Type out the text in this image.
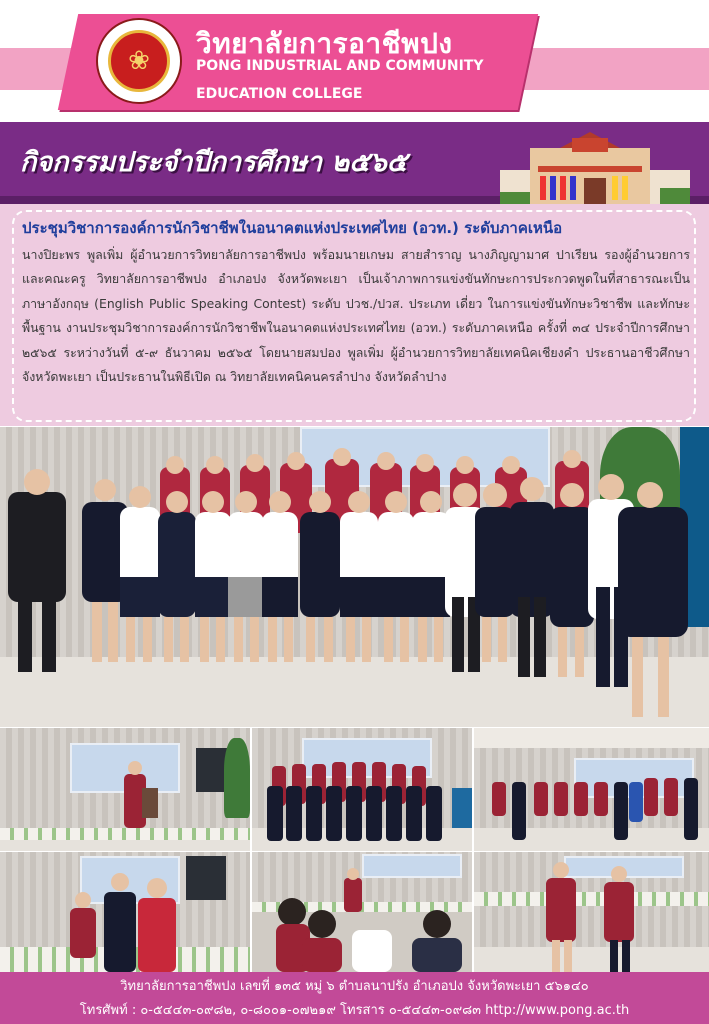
❀
วิทยาลัยการอาชีพปง
PONG INDUSTRIAL AND COMMUNITY
EDUCATION COLLEGE
กิจกรรมประจำปีการศึกษา ๒๕๖๕
ประชุมวิชาการองค์การนักวิชาชีพในอนาคตแห่งประเทศไทย (อวท.) ระดับภาคเหนือ
นางปิยะพร พูลเพิ่ม ผู้อำนวยการวิทยาลัยการอาชีพปง พร้อมนายเกษม สายสำราญ นางภิญญามาศ ปาเรียน รองผู้อำนวยการ และคณะครู วิทยาลัยการอาชีพปง อำเภอปง จังหวัดพะเยา เป็นเจ้าภาพการแข่งขันทักษะการประกวดพูดในที่สาธารณะเป็นภาษาอังกฤษ (English Public Speaking Contest) ระดับ ปวช./ปวส. ประเภท เดี่ยว ในการแข่งขันทักษะวิชาชีพ และทักษะพื้นฐาน งานประชุมวิชาการองค์การนักวิชาชีพในอนาคตแห่งประเทศไทย (อวท.) ระดับภาคเหนือ ครั้งที่ ๓๔ ประจำปีการศึกษา ๒๕๖๕ ระหว่างวันที่ ๕-๙ ธันวาคม ๒๕๖๕ โดยนายสมปอง พูลเพิ่ม ผู้อำนวยการวิทยาลัยเทคนิคเชียงคำ ประธานอาชีวศึกษาจังหวัดพะเยา เป็นประธานในพิธีเปิด ณ วิทยาลัยเทคนิคนครลำปาง จังหวัดลำปาง
วิทยาลัยการอาชีพปง เลขที่ ๑๓๕ หมู่ ๖ ตำบลนาปรัง อำเภอปง จังหวัดพะเยา ๕๖๑๔๐
โทรศัพท์ : ๐-๕๔๔๓-๐๙๘๒, ๐-๘๐๐๑-๐๗๒๑๙ โทรสาร ๐-๕๔๔๓-๐๙๘๓ http://www.pong.ac.th
